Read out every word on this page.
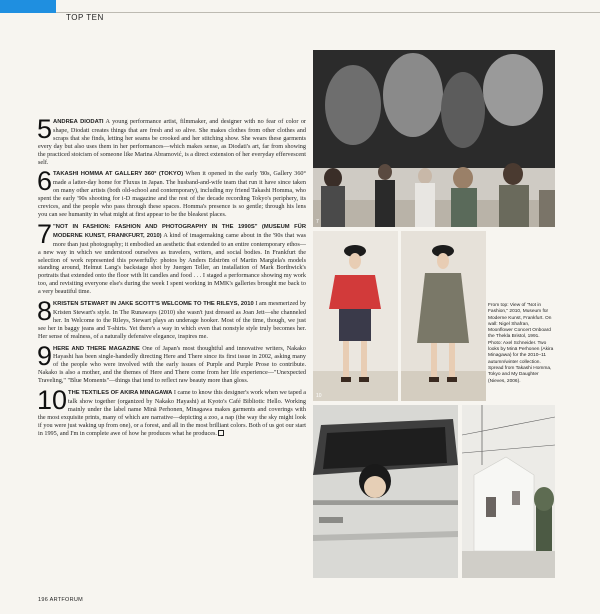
TOP TEN

5 ANDREA DIODATI A young performance artist, filmmaker, and designer with no fear of color or shape, Diodati creates things that are fresh and so alive. She makes clothes from other clothes and scraps that she finds, letting her seams be crooked and her stitching show. She wears these garments every day but also uses them in her performances—which makes sense, as Diodati's art, far from showing the practiced stoicism of someone like Marina Abramović, is a direct extension of her everyday effervescent self.

6 TAKASHI HOMMA AT GALLERY 360° (TOKYO) When it opened in the early '80s, Gallery 360° made a latter-day home for Fluxus in Japan. The husband-and-wife team that run it have since taken on many other artists (both old-school and contemporary), including my friend Takashi Homma, who spent the early '90s shooting for i-D magazine and the rest of the decade recording Tokyo's periphery, its crevices, and the people who pass through these spaces. Homma's presence is so gentle; through his lens you can see humanity in what might at first appear to be the bleakest places.

7 "NOT IN FASHION: FASHION AND PHOTOGRAPHY IN THE 1990S" (MUSEUM FÜR MODERNE KUNST, FRANKFURT, 2010) A kind of imagemaking came about in the '90s that was more than just photography; it embodied an aesthetic that extended to an entire contemporary ethos—a new way in which we understood ourselves as travelers, writers, and social bodies. In Frankfurt the selection of work represented this powerfully: photos by Anders Edström of Martin Margiela's models standing around, Helmut Lang's backstage shot by Juergen Teller, an installation of Mark Borthwick's portraits that extended onto the floor with lit candles and food . . . I staged a performance showing my work too, and revisiting everyone else's during the week I spent working in MMK's galleries brought me back to a very beautiful time.

8 KRISTEN STEWART IN JAKE SCOTT'S WELCOME TO THE RILEYS, 2010 I am mesmerized by Kristen Stewart's style. In The Runaways (2010) she wasn't just dressed as Joan Jett—she channeled her. In Welcome to the Rileys, Stewart plays an underage hooker. Most of the time, though, we just see her in baggy jeans and T-shirts. Yet there's a way in which even that nonstyle style truly becomes her. Her sense of realness, of a naturally defensive elegance, inspires me.

9 HERE AND THERE MAGAZINE One of Japan's most thoughtful and innovative writers, Nakako Hayashi has been single-handedly directing Here and There since its first issue in 2002, asking many of the people who were involved with the early issues of Purple and Purple Prose to contribute. Nakako is also a mother, and the themes of Here and There come from her life experience—"Unexpected Traveling," "Blue Moments"—things that tend to reflect raw beauty more than gloss.

10 THE TEXTILES OF AKIRA MINAGAWA I came to know this designer's work when we taped a talk show together (organized by Nakako Hayashi) at Kyoto's Café Bibliotic Hello. Working mainly under the label name Minä Perhonen, Minagawa makes garments and coverings with the most exquisite prints, many of which are narrative—depicting a zoo, a nap (the way the sky might look if you were just waking up from one), or a forest, and all in the most brilliant colors. Both of us got our start in 1995, and I'm in complete awe of how he produces what he produces.

7
10
From top: View of "Not in Fashion," 2010, Museum für Moderne Kunst, Frankfurt. On wall: Nigel Shafran, Moonflower Concert Onboard the Thekla Bristol, 1991. Photo: Axel Schneider. Two looks by Minä Perhonen (Akira Minagawa) for the 2010–11 autumn/winter collection. Spread from Takashi Homma, Tokyo and My Daughter (Nieves, 2006).
196 ARTFORUM
